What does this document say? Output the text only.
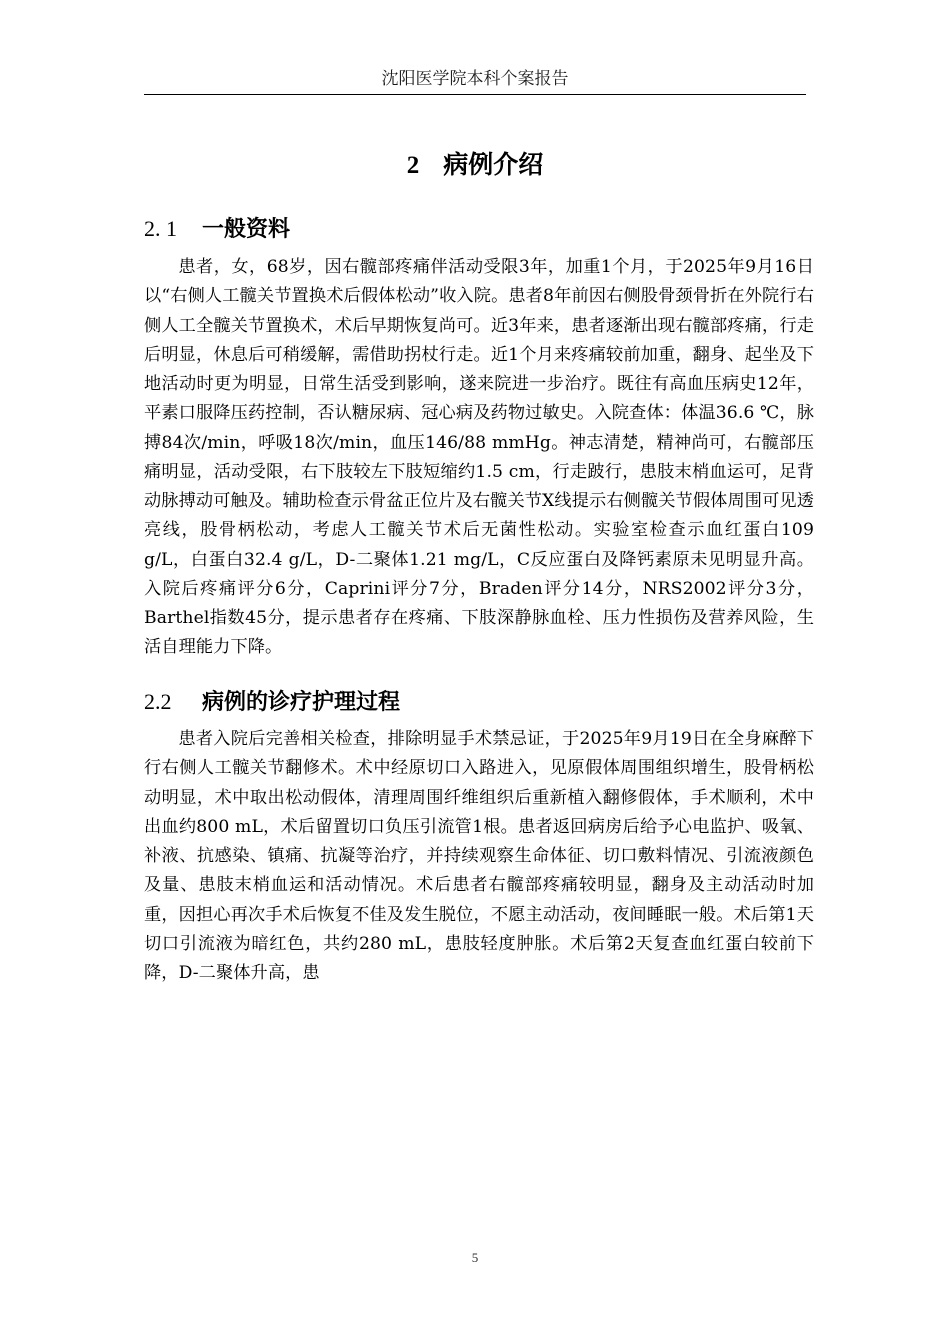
沈阳医学院本科个案报告
2 病例介绍
2. 1 一般资料

患者，女，68岁，因右髋部疼痛伴活动受限3年，加重1个月，于2025年9月16日以“右侧人工髋关节置换术后假体松动”收入院。患者8年前因右侧股骨颈骨折在外院行右侧人工全髋关节置换术，术后早期恢复尚可。近3年来，患者逐渐出现右髋部疼痛，行走后明显，休息后可稍缓解，需借助拐杖行走。近1个月来疼痛较前加重，翻身、起坐及下地活动时更为明显，日常生活受到影响，遂来院进一步治疗。既往有高血压病史12年，平素口服降压药控制，否认糖尿病、冠心病及药物过敏史。入院查体：体温36.6 ℃，脉搏84次/min，呼吸18次/min，血压146/88 mmHg。神志清楚，精神尚可，右髋部压痛明显，活动受限，右下肢较左下肢短缩约1.5 cm，行走跛行，患肢末梢血运可，足背动脉搏动可触及。辅助检查示骨盆正位片及右髋关节X线提示右侧髋关节假体周围可见透亮线，股骨柄松动，考虑人工髋关节术后无菌性松动。实验室检查示血红蛋白109 g/L，白蛋白32.4 g/L，D-二聚体1.21 mg/L，C反应蛋白及降钙素原未见明显升高。入院后疼痛评分6分，Caprini评分7分，Braden评分14分，NRS2002评分3分，Barthel指数45分，提示患者存在疼痛、下肢深静脉血栓、压力性损伤及营养风险，生活自理能力下降。

2.2 病例的诊疗护理过程

患者入院后完善相关检查，排除明显手术禁忌证，于2025年9月19日在全身麻醉下行右侧人工髋关节翻修术。术中经原切口入路进入，见原假体周围组织增生，股骨柄松动明显，术中取出松动假体，清理周围纤维组织后重新植入翻修假体，手术顺利，术中出血约800 mL，术后留置切口负压引流管1根。患者返回病房后给予心电监护、吸氧、补液、抗感染、镇痛、抗凝等治疗，并持续观察生命体征、切口敷料情况、引流液颜色及量、患肢末梢血运和活动情况。术后患者右髋部疼痛较明显，翻身及主动活动时加重，因担心再次手术后恢复不佳及发生脱位，不愿主动活动，夜间睡眠一般。术后第1天切口引流液为暗红色，共约280 mL，患肢轻度肿胀。术后第2天复查血红蛋白较前下降，D-二聚体升高，患

5
